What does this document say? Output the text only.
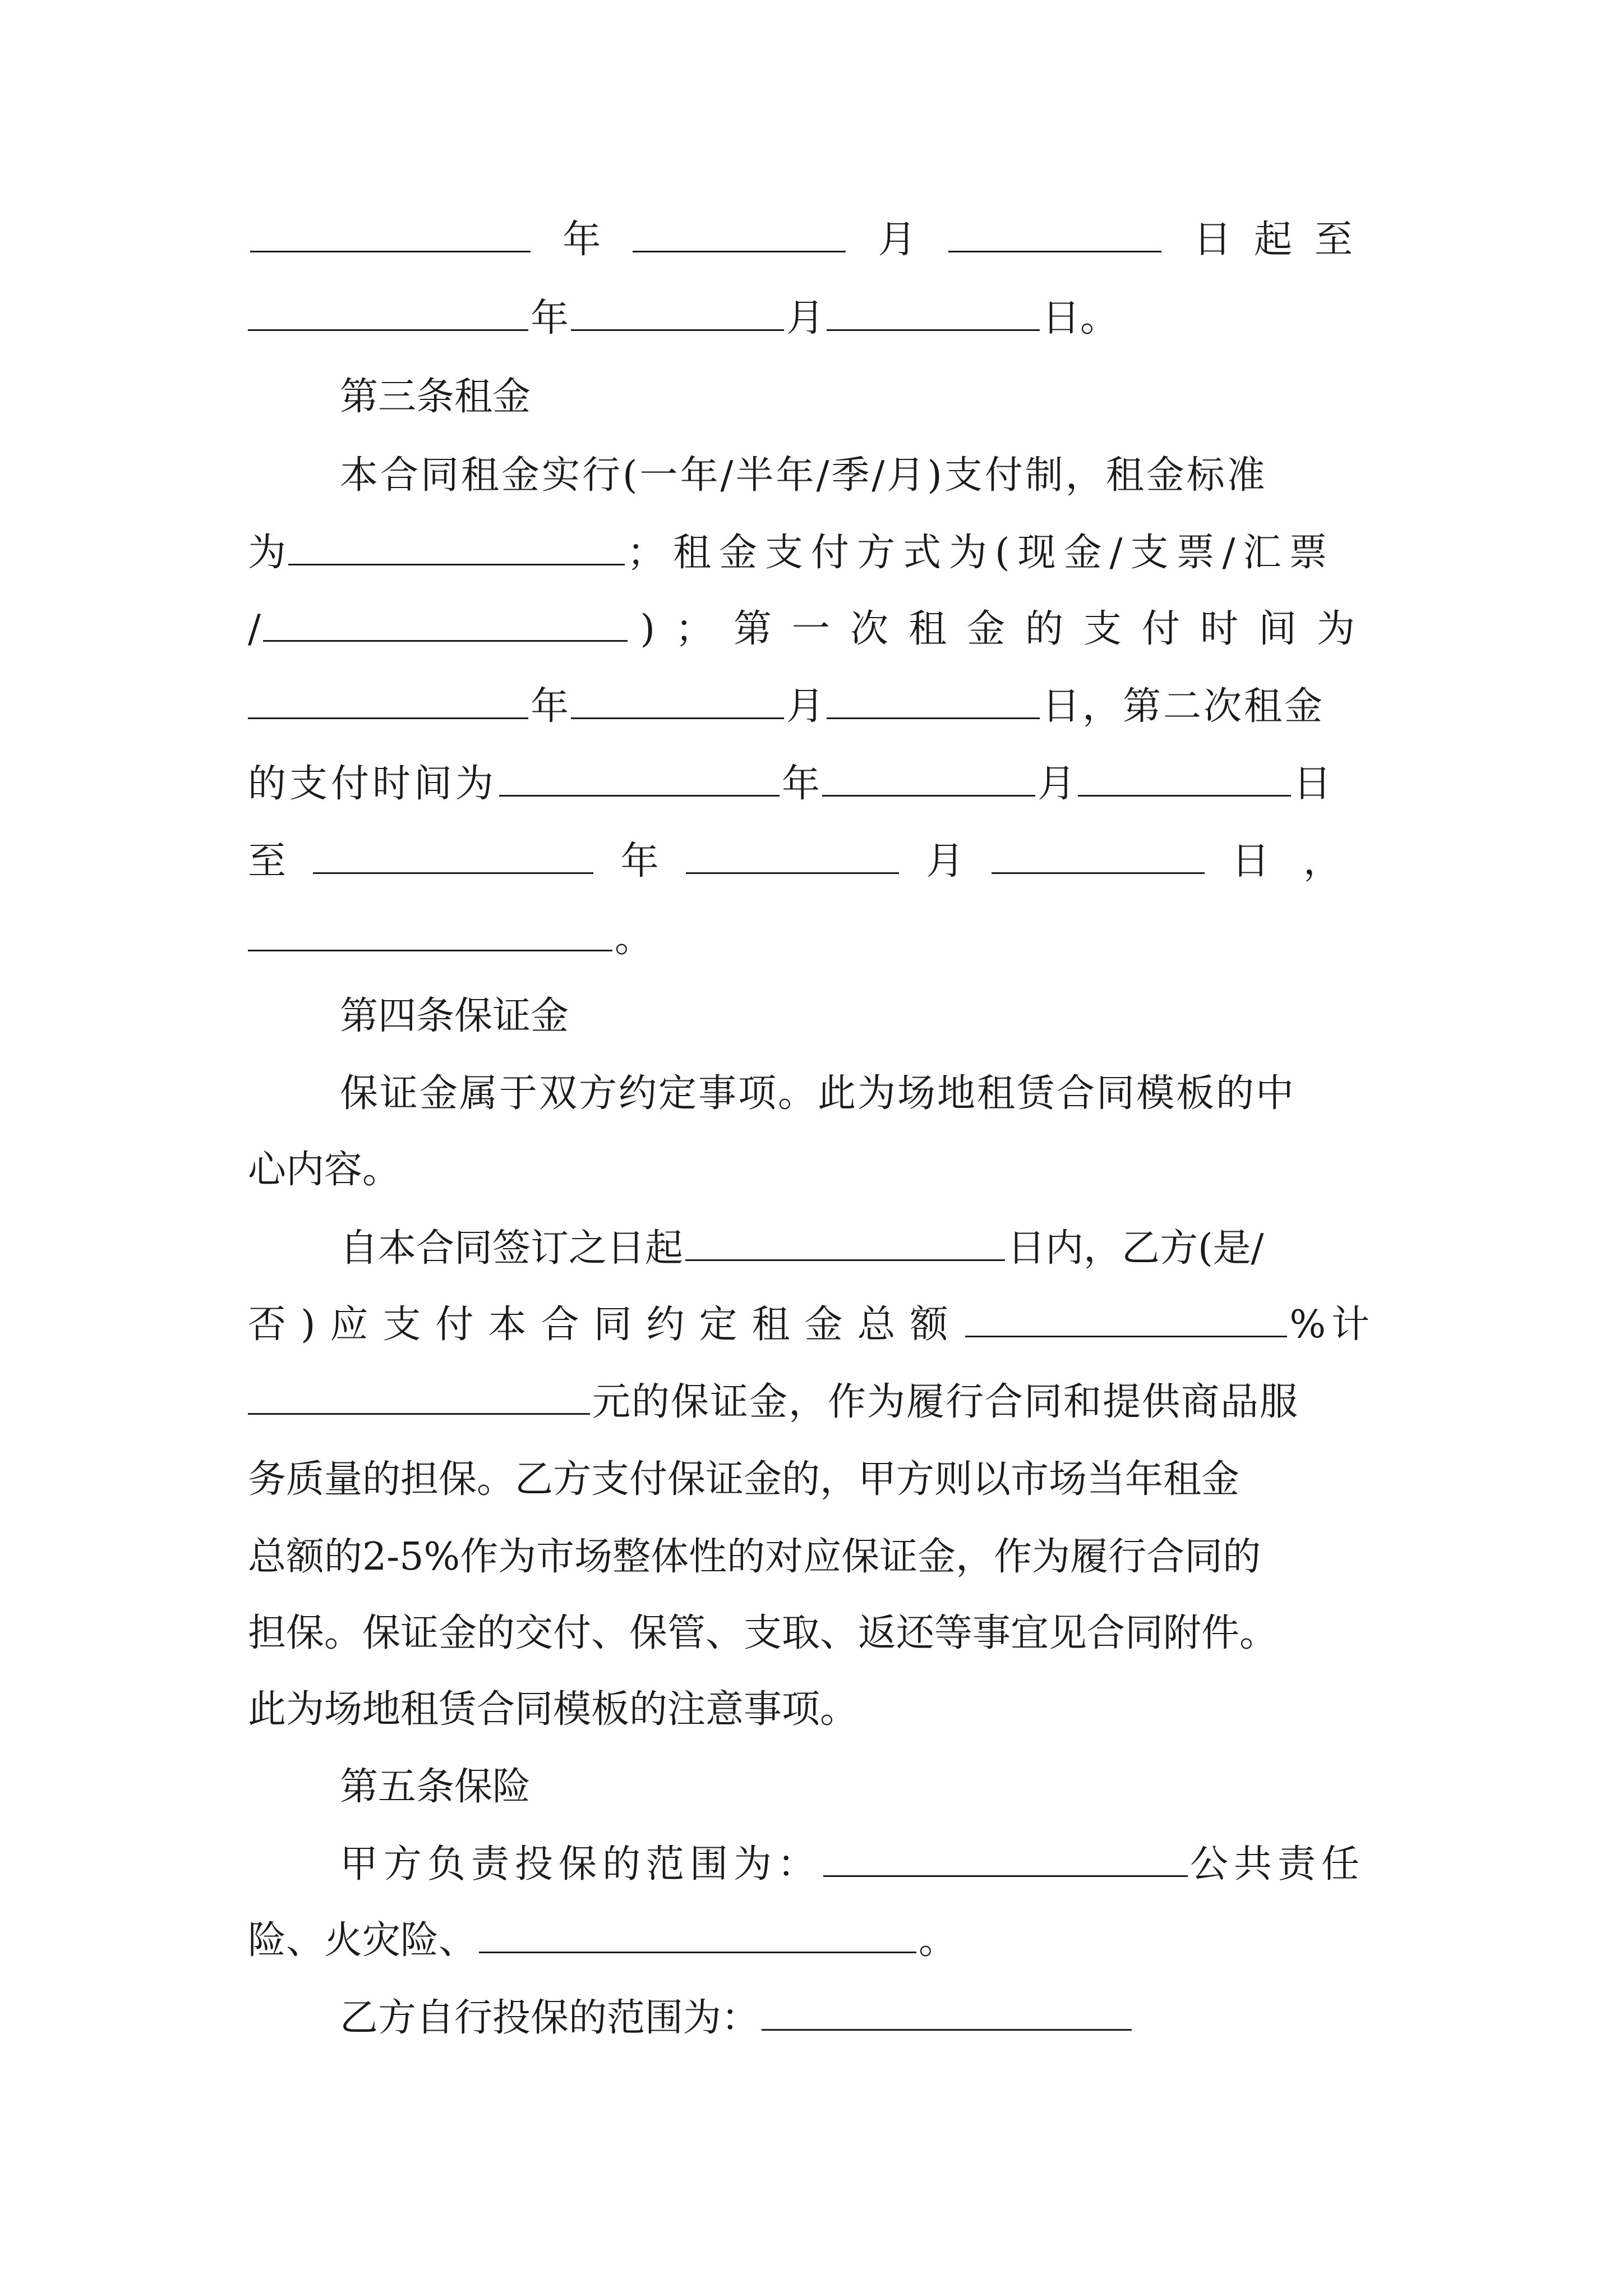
年	月	日起至
年	月	日。
第三条租金
本合同租金实行(一年/半年/季/月)支付制，租金标准
为	；租金支付方式为(现金/支票/汇票
/	)；第一次租金的支付时间为
年	月	日，第二次租金
的支付时间为	年	月	日
至	年	月	日，
。
第四条保证金
保证金属于双方约定事项。此为场地租赁合同模板的中
心内容。
自本合同签订之日起	日内，乙方(是/
否)应支付本合同约定租金总额	%计
元的保证金，作为履行合同和提供商品服
务质量的担保。乙方支付保证金的，甲方则以市场当年租金
总额的2-5%作为市场整体性的对应保证金，作为履行合同的
担保。保证金的交付、保管、支取、返还等事宜见合同附件。
此为场地租赁合同模板的注意事项。
第五条保险
甲方负责投保的范围为：	公共责任
险、火灾险、	。
乙方自行投保的范围为：
